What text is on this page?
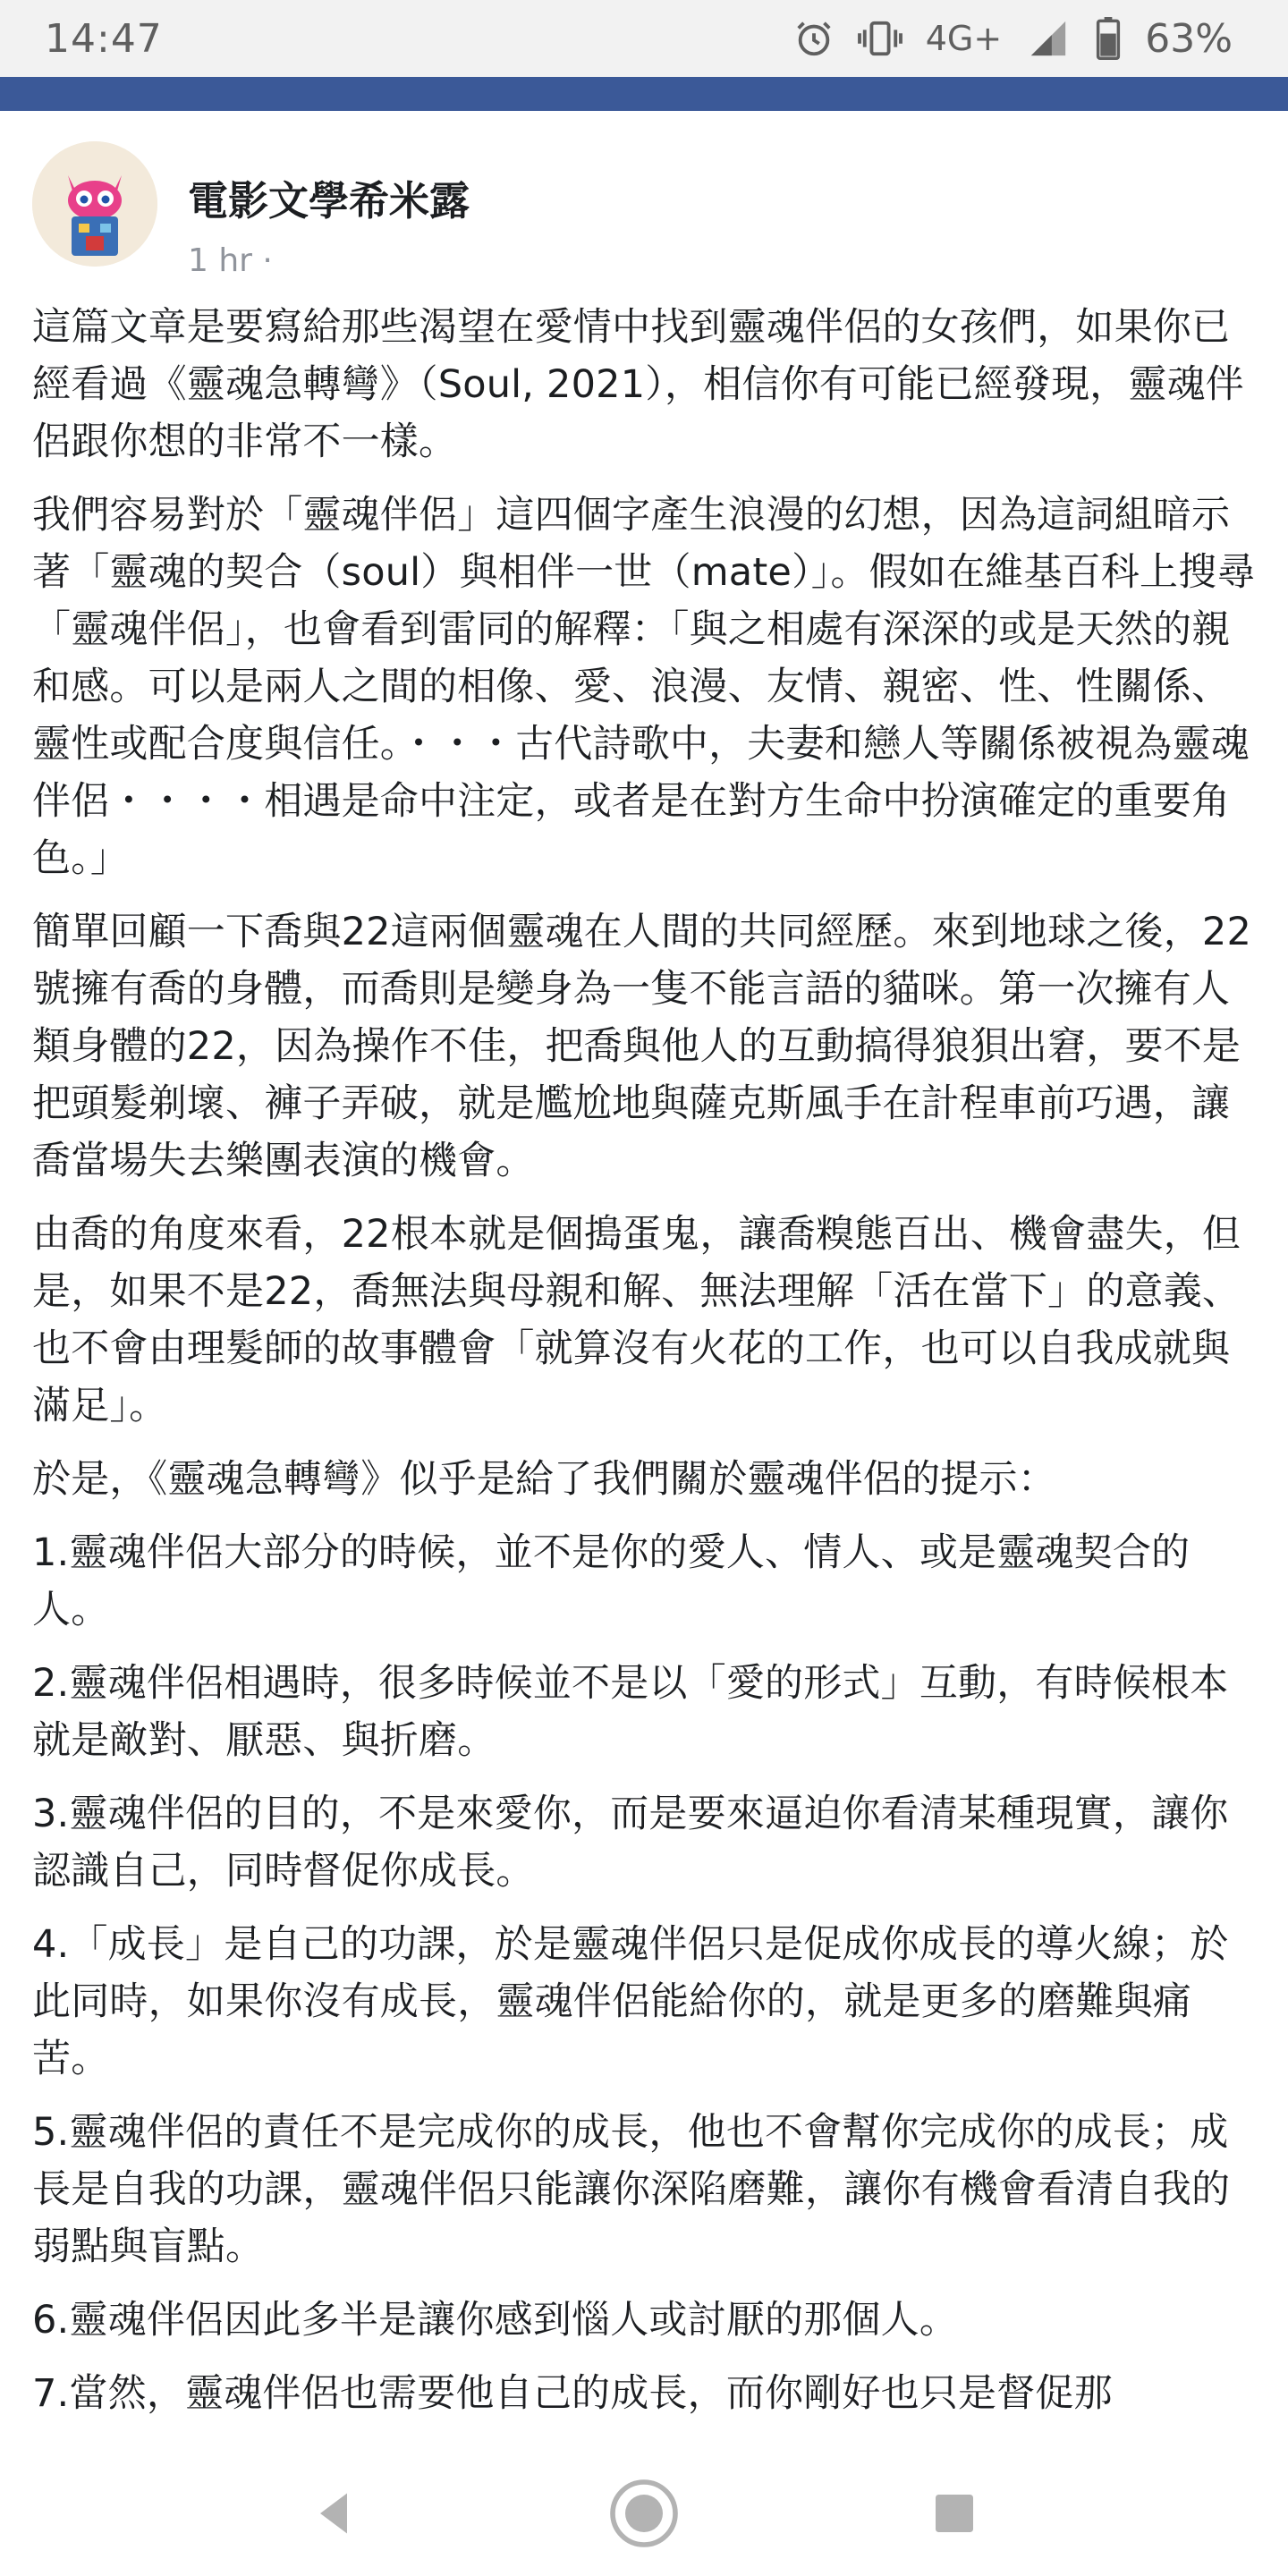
14:47	4G+	63%
電影文學希米露
1 hr ·

這篇文章是要寫給那些渴望在愛情中找到靈魂伴侶的女孩們，如果你已經看過《靈魂急轉彎》（Soul, 2021），相信你有可能已經發現，靈魂伴侶跟你想的非常不一樣。

我們容易對於「靈魂伴侶」這四個字產生浪漫的幻想，因為這詞組暗示著「靈魂的契合（soul）與相伴一世（mate）」。假如在維基百科上搜尋「靈魂伴侶」，也會看到雷同的解釋：「與之相處有深深的或是天然的親和感。可以是兩人之間的相像、愛、浪漫、友情、親密、性、性關係、靈性或配合度與信任。・・・古代詩歌中，夫妻和戀人等關係被視為靈魂伴侶・・・・相遇是命中注定，或者是在對方生命中扮演確定的重要角色。」

簡單回顧一下喬與22這兩個靈魂在人間的共同經歷。來到地球之後，22號擁有喬的身體，而喬則是變身為一隻不能言語的貓咪。第一次擁有人類身體的22，因為操作不佳，把喬與他人的互動搞得狼狽出窘，要不是把頭髮剃壞、褲子弄破，就是尷尬地與薩克斯風手在計程車前巧遇，讓喬當場失去樂團表演的機會。

由喬的角度來看，22根本就是個搗蛋鬼，讓喬糗態百出、機會盡失，但是，如果不是22，喬無法與母親和解、無法理解「活在當下」的意義、也不會由理髮師的故事體會「就算沒有火花的工作，也可以自我成就與滿足」。

於是，《靈魂急轉彎》似乎是給了我們關於靈魂伴侶的提示：

1.靈魂伴侶大部分的時候，並不是你的愛人、情人、或是靈魂契合的人。

2.靈魂伴侶相遇時，很多時候並不是以「愛的形式」互動，有時候根本就是敵對、厭惡、與折磨。

3.靈魂伴侶的目的，不是來愛你，而是要來逼迫你看清某種現實，讓你認識自己，同時督促你成長。

4.「成長」是自己的功課，於是靈魂伴侶只是促成你成長的導火線；於此同時，如果你沒有成長，靈魂伴侶能給你的，就是更多的磨難與痛苦。

5.靈魂伴侶的責任不是完成你的成長，他也不會幫你完成你的成長；成長是自我的功課，靈魂伴侶只能讓你深陷磨難，讓你有機會看清自我的弱點與盲點。

6.靈魂伴侶因此多半是讓你感到惱人或討厭的那個人。

7.當然，靈魂伴侶也需要他自己的成長，而你剛好也只是督促那
